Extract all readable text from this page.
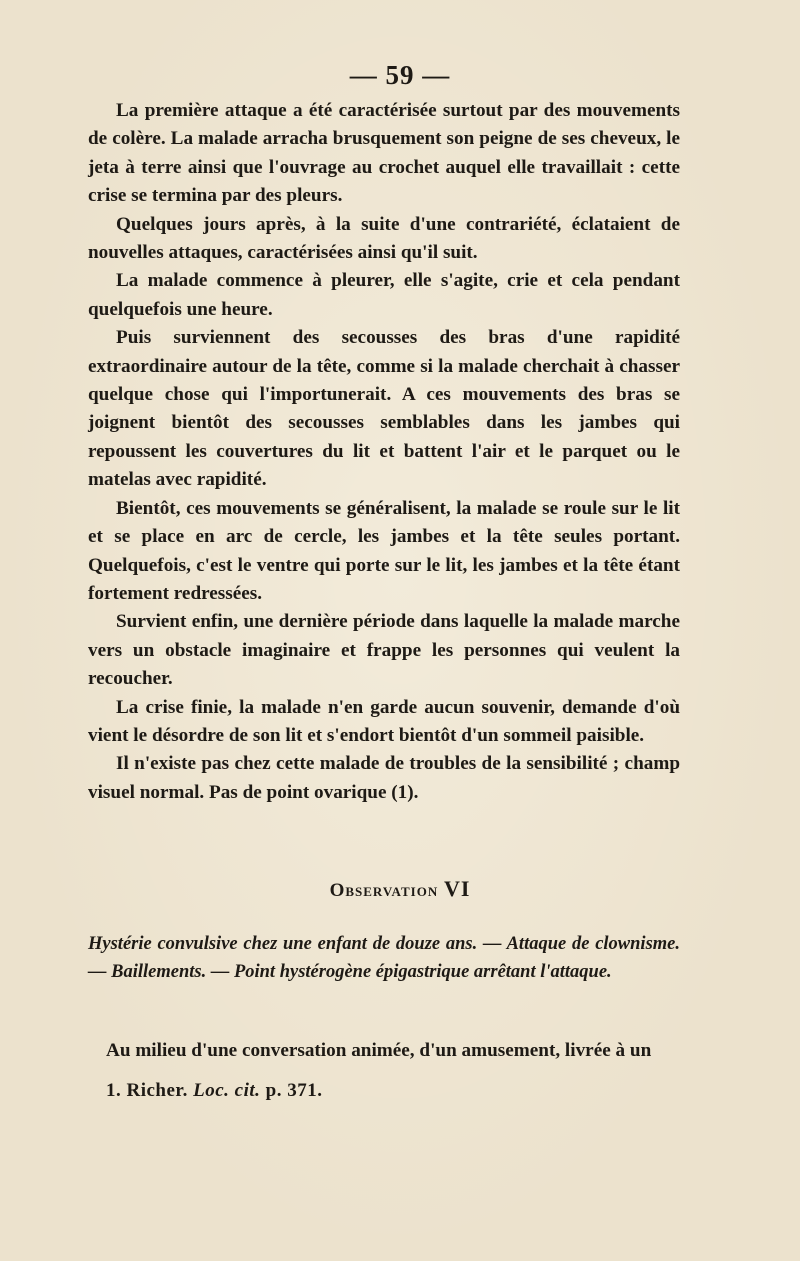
— 59 —

La première attaque a été caractérisée surtout par des mouvements de colère. La malade arracha brusquement son peigne de ses cheveux, le jeta à terre ainsi que l'ouvrage au crochet auquel elle travaillait : cette crise se termina par des pleurs.

Quelques jours après, à la suite d'une contrariété, éclataient de nouvelles attaques, caractérisées ainsi qu'il suit.

La malade commence à pleurer, elle s'agite, crie et cela pendant quelquefois une heure.

Puis surviennent des secousses des bras d'une rapidité extraordinaire autour de la tête, comme si la malade cherchait à chasser quelque chose qui l'importunerait. A ces mouvements des bras se joignent bientôt des secousses semblables dans les jambes qui repoussent les couvertures du lit et battent l'air et le parquet ou le matelas avec rapidité.

Bientôt, ces mouvements se généralisent, la malade se roule sur le lit et se place en arc de cercle, les jambes et la tête seules portant. Quelquefois, c'est le ventre qui porte sur le lit, les jambes et la tête étant fortement redressées.

Survient enfin, une dernière période dans laquelle la malade marche vers un obstacle imaginaire et frappe les personnes qui veulent la recoucher.

La crise finie, la malade n'en garde aucun souvenir, demande d'où vient le désordre de son lit et s'endort bientôt d'un sommeil paisible.

Il n'existe pas chez cette malade de troubles de la sensibilité ; champ visuel normal. Pas de point ovarique (1).

Observation VI
Hystérie convulsive chez une enfant de douze ans. — Attaque de clownisme. — Baillements. — Point hystérogène épigastrique arrêtant l'attaque.
Au milieu d'une conversation animée, d'un amusement, livrée à un
1. Richer. Loc. cit. p. 371.
